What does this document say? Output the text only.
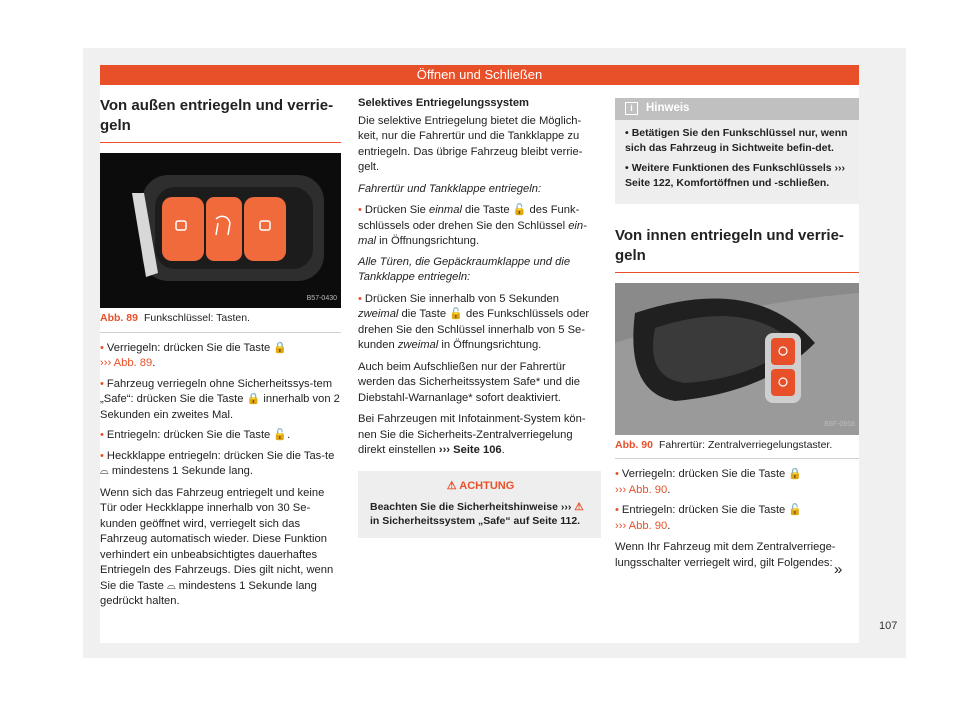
Öffnen und Schließen
Von außen entriegeln und verrie-geln
B57-0430
Abb. 89 Funkschlüssel: Tasten.
• Verriegeln: drücken Sie die Taste 🔒
››› Abb. 89.
• Fahrzeug verriegeln ohne Sicherheitssys-tem „Safe“: drücken Sie die Taste 🔒 innerhalb von 2 Sekunden ein zweites Mal.
• Entriegeln: drücken Sie die Taste 🔓.
• Heckklappe entriegeln: drücken Sie die Tas-te ⌓ mindestens 1 Sekunde lang.

Wenn sich das Fahrzeug entriegelt und keine Tür oder Heckklappe innerhalb von 30 Se-kunden geöffnet wird, verriegelt sich das Fahrzeug automatisch wieder. Diese Funktion verhindert ein unbeabsichtigtes dauerhaftes Entriegeln des Fahrzeugs. Dies gilt nicht, wenn Sie die Taste ⌓ mindestens 1 Sekunde lang gedrückt halten.

Selektives Entriegelungssystem

Die selektive Entriegelung bietet die Möglich-keit, nur die Fahrertür und die Tankklappe zu entriegeln. Das übrige Fahrzeug bleibt verrie-gelt.

Fahrertür und Tankklappe entriegeln:

• Drücken Sie einmal die Taste 🔓 des Funk-schlüssels oder drehen Sie den Schlüssel ein-mal in Öffnungsrichtung.

Alle Türen, die Gepäckraumklappe und die Tankklappe entriegeln:

• Drücken Sie innerhalb von 5 Sekunden zweimal die Taste 🔓 des Funkschlüssels oder drehen Sie den Schlüssel innerhalb von 5 Se-kunden zweimal in Öffnungsrichtung.

Auch beim Aufschließen nur der Fahrertür werden das Sicherheitssystem Safe* und die Diebstahl-Warnanlage* sofort deaktiviert.

Bei Fahrzeugen mit Infotainment-System kön-nen Sie die Sicherheits-Zentralverriegelung direkt einstellen ››› Seite 106.

⚠ ACHTUNG
Beachten Sie die Sicherheitshinweise ››› ⚠
in Sicherheitssystem „Safe“ auf Seite 112.
i Hinweis
• Betätigen Sie den Funkschlüssel nur, wenn sich das Fahrzeug in Sichtweite befin-det.
• Weitere Funktionen des Funkschlüssels ››› Seite 122, Komfortöffnen und -schließen.
Von innen entriegeln und verrie-geln
B5F-0958
Abb. 90 Fahrertür: Zentralverriegelungstaster.
• Verriegeln: drücken Sie die Taste 🔒
››› Abb. 90.
• Entriegeln: drücken Sie die Taste 🔓
››› Abb. 90.

Wenn Ihr Fahrzeug mit dem Zentralverriege-lungsschalter verriegelt wird, gilt Folgendes: »
107
